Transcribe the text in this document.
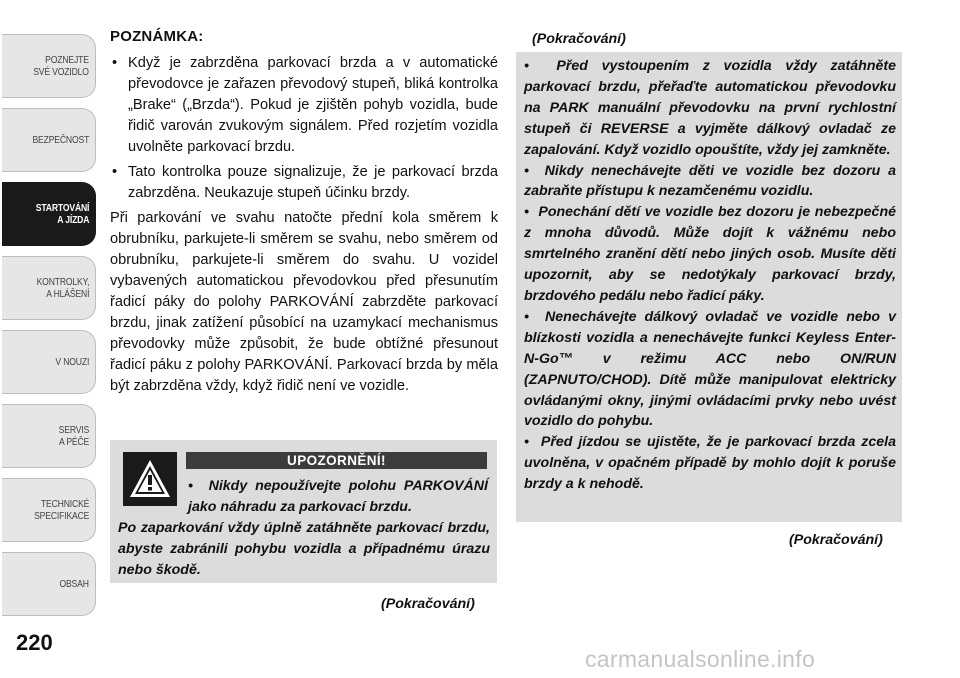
POZNEJTE
SVÉ VOZIDLO
BEZPEČNOST
STARTOVÁNÍ
A JÍZDA
KONTROLKY,
A HLÁŠENÍ
V NOUZI
SERVIS
A PÉČE
TECHNICKÉ
SPECIFIKACE
OBSAH
220
POZNÁMKA:
• Když je zabrzděna parkovací brzda a v automatické převodovce je zařazen převodový stupeň, bliká kontrolka „Brake“ („Brzda“). Pokud je zjištěn pohyb vozidla, bude řidič varován zvukovým signálem. Před rozjetím vozidla uvolněte parkovací brzdu.
• Tato kontrolka pouze signalizuje, že je parkovací brzda zabrzděna. Neukazuje stupeň účinku brzdy.
Při parkování ve svahu natočte přední kola směrem k obrubníku, parkujete-li směrem se svahu, nebo směrem od obrubníku, parkujete-li směrem do svahu. U vozidel vybavených automatickou převodovkou před přesunutím řadicí páky do polohy PARKOVÁNÍ zabrzděte parkovací brzdu, jinak zatížení působící na uzamykací mechanismus převodovky může způsobit, že bude obtížné přesunout řadicí páku z polohy PARKOVÁNÍ. Parkovací brzda by měla být zabrzděna vždy, když řidič není ve vozidle.
UPOZORNĚNÍ!
•  Nikdy nepoužívejte polohu PARKOVÁNÍ jako náhradu za parkovací brzdu.
Po zaparkování vždy úplně zatáhněte parkovací brzdu, abyste zabránili pohybu vozidla a případnému úrazu nebo škodě.
(Pokračování)
(Pokračování)

•  Před vystoupením z vozidla vždy zatáhněte parkovací brzdu, přeřaďte automatickou převodovku na PARK manuální převodovku na první rychlostní stupeň či REVERSE a vyjměte dálkový ovladač ze zapalování. Když vozidlo opouštíte, vždy jej zamkněte.

•  Nikdy nenechávejte děti ve vozidle bez dozoru a zabraňte přístupu k nezamčenému vozidlu.

•  Ponechání dětí ve vozidle bez dozoru je nebezpečné z mnoha důvodů. Může dojít k vážnému nebo smrtelného zranění dětí nebo jiných osob. Musíte děti upozornit, aby se nedotýkaly parkovací brzdy, brzdového pedálu nebo řadicí páky.

•  Nenechávejte dálkový ovladač ve vozidle nebo v blízkosti vozidla a nenechávejte funkci Keyless Enter-N-Go™ v režimu ACC nebo ON/RUN (ZAPNUTO/CHOD). Dítě může manipulovat elektricky ovládanými okny, jinými ovládacími prvky nebo uvést vozidlo do pohybu.

•  Před jízdou se ujistěte, že je parkovací brzda zcela uvolněna, v opačném případě by mohlo dojít k poruše brzdy a k nehodě.

(Pokračování)
carmanualsonline.info
